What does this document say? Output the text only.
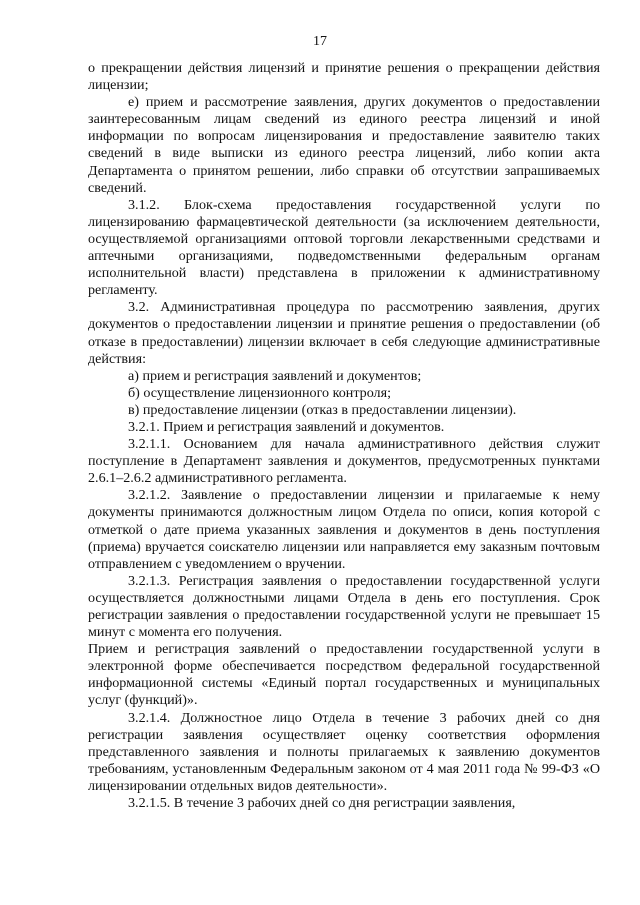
17

о прекращении действия лицензий и принятие решения о прекращении действия лицензии;

е) прием и рассмотрение заявления, других документов о предоставлении заинтересованным лицам сведений из единого реестра лицензий и иной информации по вопросам лицензирования и предоставление заявителю таких сведений в виде выписки из единого реестра лицензий, либо копии акта Департамента о принятом решении, либо справки об отсутствии запрашиваемых сведений.

3.1.2. Блок-схема предоставления государственной услуги по лицензированию фармацевтической деятельности (за исключением деятельности, осуществляемой организациями оптовой торговли лекарственными средствами и аптечными организациями, подведомственными федеральным органам исполнительной власти) представлена в приложении к административному регламенту.

3.2. Административная процедура по рассмотрению заявления, других документов о предоставлении лицензии и принятие решения о предоставлении (об отказе в предоставлении) лицензии включает в себя следующие административные действия:

а) прием и регистрация заявлений и документов;

б) осуществление лицензионного контроля;

в) предоставление лицензии (отказ в предоставлении лицензии).

3.2.1. Прием и регистрация заявлений и документов.

3.2.1.1. Основанием для начала административного действия служит поступление в Департамент заявления и документов, предусмотренных пунктами 2.6.1–2.6.2 административного регламента.

3.2.1.2. Заявление о предоставлении лицензии и прилагаемые к нему документы принимаются должностным лицом Отдела по описи, копия которой с отметкой о дате приема указанных заявления и документов в день поступления (приема) вручается соискателю лицензии или направляется ему заказным почтовым отправлением с уведомлением о вручении.

3.2.1.3. Регистрация заявления о предоставлении государственной услуги осуществляется должностными лицами Отдела в день его поступления. Срок регистрации заявления о предоставлении государственной услуги не превышает 15 минут с момента его получения.

Прием и регистрация заявлений о предоставлении государственной услуги в электронной форме обеспечивается посредством федеральной государственной информационной системы «Единый портал государственных и муниципальных услуг (функций)».

3.2.1.4. Должностное лицо Отдела в течение 3 рабочих дней со дня регистрации заявления осуществляет оценку соответствия оформления представленного заявления и полноты прилагаемых к заявлению документов требованиям, установленным Федеральным законом от 4 мая 2011 года № 99-ФЗ «О лицензировании отдельных видов деятельности».

3.2.1.5. В течение 3 рабочих дней со дня регистрации заявления,
